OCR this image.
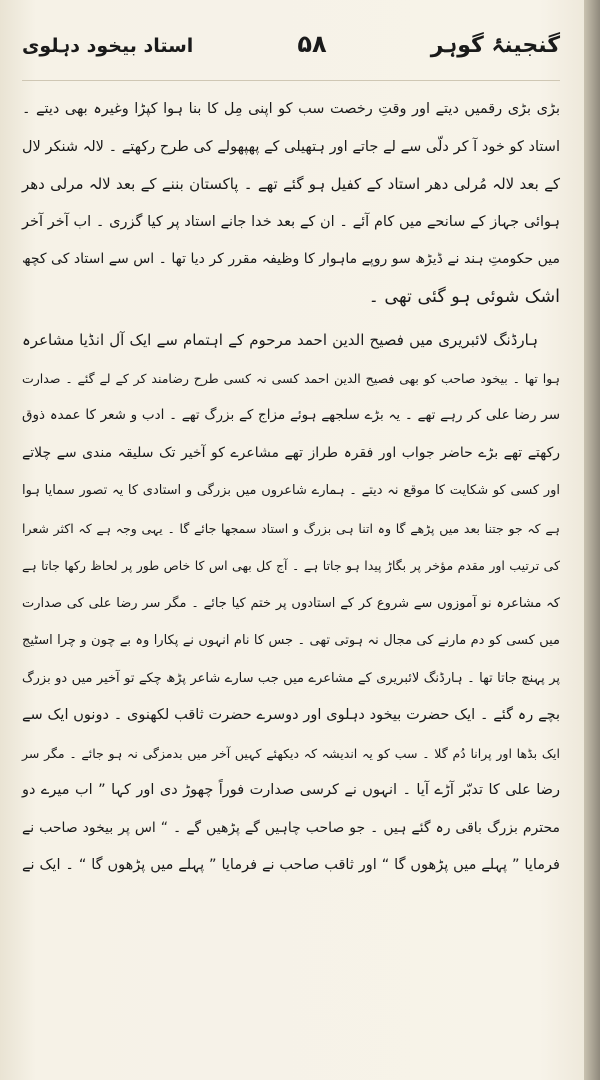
گنجینۂ گوہر
۵۸
استاد بیخود دہلوی
بڑی بڑی رقمیں دیتے اور وقتِ رخصت سب کو اپنی مِل کا بنا ہوا کپڑا وغیرہ بھی دیتے ۔
استاد کو خود آ کر دلّی سے لے جاتے اور ہتھیلی کے پھپھولے کی طرح رکھتے ۔ لالہ شنکر لال
کے بعد لالہ مُرلی دھر استاد کے کفیل ہو گئے تھے ۔ پاکستان بننے کے بعد لالہ مرلی دھر
ہوائی جہاز کے سانحے میں کام آئے ۔ ان کے بعد خدا جانے استاد پر کیا گزری ۔ اب آخر آخر
میں حکومتِ ہند نے ڈیڑھ سو روپے ماہوار کا وظیفہ مقرر کر دیا تھا ۔ اس سے استاد کی کچھ
اشک شوئی ہو گئی تھی ۔
ہارڈنگ لائبریری میں فصیح الدین احمد مرحوم کے اہتمام سے ایک آل انڈیا مشاعرہ
ہوا تھا ۔ بیخود صاحب کو بھی فصیح الدین احمد کسی نہ کسی طرح رضامند کر کے لے گئے ۔ صدارت
سر رضا علی کر رہے تھے ۔ یہ بڑے سلجھے ہوئے مزاج کے بزرگ تھے ۔ ادب و شعر کا عمدہ ذوق
رکھتے تھے بڑے حاضر جواب اور فقرہ طراز تھے مشاعرے کو آخیر تک سلیقہ مندی سے چلاتے
اور کسی کو شکایت کا موقع نہ دیتے ۔ ہمارے شاعروں میں بزرگی و استادی کا یہ تصور سمایا ہوا
ہے کہ جو جتنا بعد میں پڑھے گا وہ اتنا ہی بزرگ و استاد سمجھا جائے گا ۔ یہی وجہ ہے کہ اکثر شعرا
کی ترتیب اور مقدم مؤخر پر بگاڑ پیدا ہو جاتا ہے ۔ آج کل بھی اس کا خاص طور پر لحاظ رکھا جاتا ہے
کہ مشاعرہ نو آموزوں سے شروع کر کے استادوں پر ختم کیا جائے ۔ مگر سر رضا علی کی صدارت
میں کسی کو دم مارنے کی مجال نہ ہوتی تھی ۔ جس کا نام انہوں نے پکارا وہ بے چون و چرا اسٹیج
پر پہنچ جاتا تھا ۔ ہارڈنگ لائبریری کے مشاعرے میں جب سارے شاعر پڑھ چکے تو آخیر میں دو بزرگ
بچے رہ گئے ۔ ایک حضرت بیخود دہلوی اور دوسرے حضرت ثاقب لکھنوی ۔ دونوں ایک سے
ایک بڈھا اور پرانا دُم گلا ۔ سب کو یہ اندیشہ کہ دیکھئے کہیں آخر میں بدمزگی نہ ہو جائے ۔ مگر سر
رضا علی کا تدبّر آڑے آیا ۔ انہوں نے کرسی صدارت فوراً چھوڑ دی اور کہا ” اب میرے دو
محترم بزرگ باقی رہ گئے ہیں ۔ جو صاحب چاہیں گے پڑھیں گے ۔ “ اس پر بیخود صاحب نے
فرمایا ” پہلے میں پڑھوں گا “ اور ثاقب صاحب نے فرمایا ” پہلے میں پڑھوں گا “ ۔ ایک نے
